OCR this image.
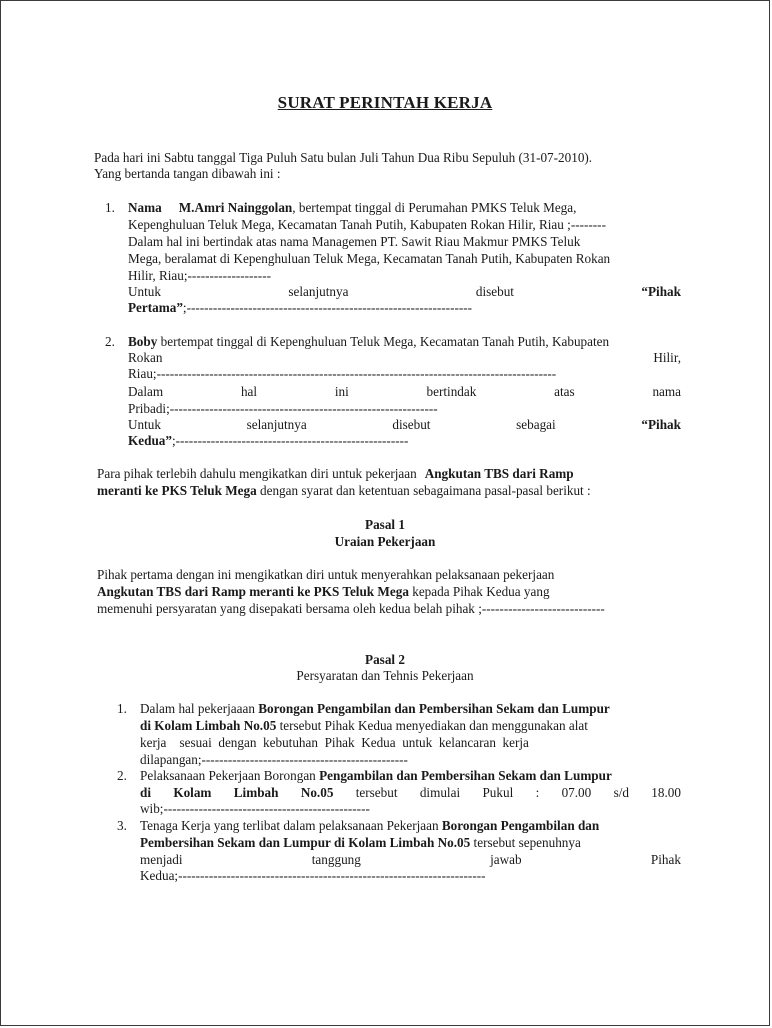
SURAT PERINTAH KERJA
Pada hari ini Sabtu tanggal Tiga Puluh Satu bulan Juli Tahun Dua Ribu Sepuluh (31-07-2010).
Yang bertanda tangan dibawah ini :
1. Nama M.Amri Nainggolan, bertempat tinggal di Perumahan PMKS Teluk Mega,
Kepenghuluan Teluk Mega, Kecamatan Tanah Putih, Kabupaten Rokan Hilir, Riau ;--------
Dalam hal ini bertindak atas nama Managemen PT. Sawit Riau Makmur PMKS Teluk
Mega, beralamat di Kepenghuluan Teluk Mega, Kecamatan Tanah Putih, Kabupaten Rokan
Hilir, Riau;-------------------
Untuk	selanjutnya	disebut	“Pihak
Pertama”;-----------------------------------------------------------------
2. Boby bertempat tinggal di Kepenghuluan Teluk Mega, Kecamatan Tanah Putih, Kabupaten
Rokan	Hilir,
Riau;-------------------------------------------------------------------------------------------
Dalam	hal	ini	bertindak	atas	nama
Pribadi;-------------------------------------------------------------
Untuk	selanjutnya	disebut	sebagai	“Pihak
Kedua”;-----------------------------------------------------
Para pihak terlebih dahulu mengikatkan diri untuk pekerjaan Angkutan TBS dari Ramp
meranti ke PKS Teluk Mega dengan syarat dan ketentuan sebagaimana pasal-pasal berikut :
Pasal 1
Uraian Pekerjaan
Pihak pertama dengan ini mengikatkan diri untuk menyerahkan pelaksanaan pekerjaan
Angkutan TBS dari Ramp meranti ke PKS Teluk Mega kepada Pihak Kedua yang
memenuhi persyaratan yang disepakati bersama oleh kedua belah pihak ;----------------------------
Pasal 2
Persyaratan dan Tehnis Pekerjaan
1. Dalam hal pekerjaaan Borongan Pengambilan dan Pembersihan Sekam dan Lumpur
di Kolam Limbah No.05 tersebut Pihak Kedua menyediakan dan menggunakan alat
kerja    sesuai  dengan  kebutuhan  Pihak  Kedua  untuk  kelancaran  kerja
dilapangan;-----------------------------------------------
2. Pelaksanaan Pekerjaan Borongan Pengambilan dan Pembersihan Sekam dan Lumpur
di Kolam Limbah No.05 tersebut dimulai Pukul : 07.00 s/d 18.00
wib;-----------------------------------------------
3. Tenaga Kerja yang terlibat dalam pelaksanaan Pekerjaan Borongan Pengambilan dan
Pembersihan Sekam dan Lumpur di Kolam Limbah No.05 tersebut sepenuhnya
menjadi	tanggung	jawab	Pihak
Kedua;----------------------------------------------------------------------
